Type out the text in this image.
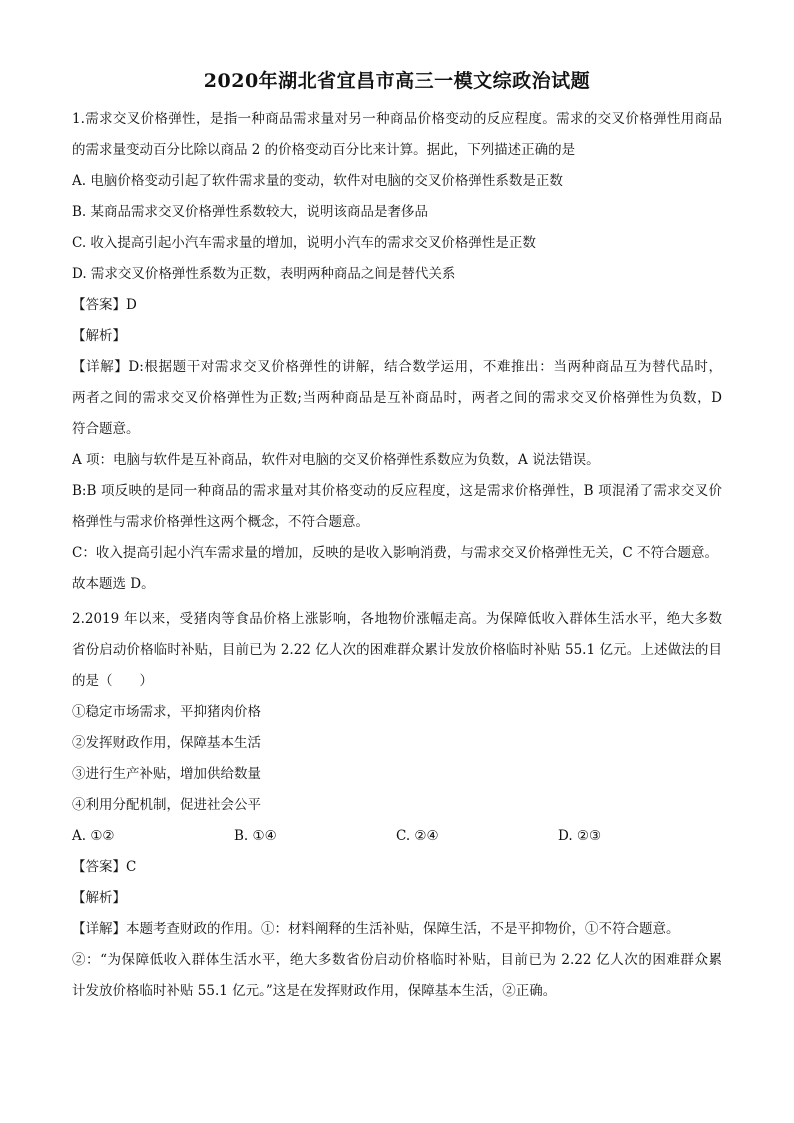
2020年湖北省宜昌市高三一模文综政治试题
1.需求交叉价格弹性，是指一种商品需求量对另一种商品价格变动的反应程度。需求的交叉价格弹性用商品
的需求量变动百分比除以商品 2 的价格变动百分比来计算。据此，下列描述正确的是
A. 电脑价格变动引起了软件需求量的变动，软件对电脑的交叉价格弹性系数是正数
B. 某商品需求交叉价格弹性系数较大，说明该商品是奢侈品
C. 收入提高引起小汽车需求量的增加，说明小汽车的需求交叉价格弹性是正数
D. 需求交叉价格弹性系数为正数，表明两种商品之间是替代关系
【答案】D
【解析】
【详解】D:根据题干对需求交叉价格弹性的讲解，结合数学运用，不难推出：当两种商品互为替代品时，
两者之间的需求交叉价格弹性为正数;当两种商品是互补商品时，两者之间的需求交叉价格弹性为负数，D
符合题意。
A 项：电脑与软件是互补商品，软件对电脑的交叉价格弹性系数应为负数，A 说法错误。
B:B 项反映的是同一种商品的需求量对其价格变动的反应程度，这是需求价格弹性，B 项混淆了需求交叉价
格弹性与需求价格弹性这两个概念，不符合题意。
C：收入提高引起小汽车需求量的增加，反映的是收入影响消费，与需求交叉价格弹性无关，C 不符合题意。
故本题选 D。
2.2019 年以来，受猪肉等食品价格上涨影响，各地物价涨幅走高。为保障低收入群体生活水平，绝大多数
省份启动价格临时补贴，目前已为 2.22 亿人次的困难群众累计发放价格临时补贴 55.1 亿元。上述做法的目
的是（　　）
①稳定市场需求，平抑猪肉价格
②发挥财政作用，保障基本生活
③进行生产补贴，增加供给数量
④利用分配机制，促进社会公平
A. ①②	B. ①④	C. ②④	D. ②③
【答案】C
【解析】
【详解】本题考查财政的作用。①：材料阐释的生活补贴，保障生活，不是平抑物价，①不符合题意。
②：“为保障低收入群体生活水平，绝大多数省份启动价格临时补贴，目前已为 2.22 亿人次的困难群众累
计发放价格临时补贴 55.1 亿元。”这是在发挥财政作用，保障基本生活，②正确。
